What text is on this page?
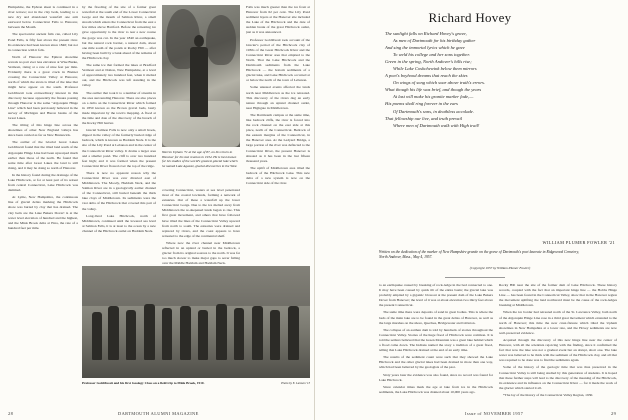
Hampshire, the Ephron sheet is continued in a river terrace; not in the clay beds, leading to a new dry and abandoned waterfall one arm eastward below Connecticut Falls to Hanover, between the Mouth.

The spectacular ancient falls can, called Lily Pond Falls, is fifty feet above the present river. Its existence had been known since 1840; but not in connection with it folk.

North of Hanover the Ephron shoreline reveals no part ever less elevation at Wise Burke, Vermont, rising at a rate of nine feet per mile. Evidently there is a great crack in Bretner crossing the Connecticut Valley at Hanover, north of which the strata is tilted of the lake that might have appear on the south. Professor Goldthwait took extraordinary interest in this discovery because apparently the fissure passing through Hanover is the same "Algonquin Hinge Line" which had been previously believed in the survey of Michigan and Huron basins of the Great Lakes.

The tilting of this hinge line across the shorelines of other New England valleys has since been carried as far as New Brunswick.

The outlier of the Glacial Great Lakes Goldthwait found that the tilted land south of the Algonquin Hinge Line had been upwarped much earlier than those of the north. He found that some time after Great Lakes the land is still rising, and it may be doing so north of Hanover.

In the history found during the drainage of the Lake Hitchcock, or for at least part of its retreat from central Connecticut, Lake Hitchcock was dammed.

At Lyme, New Hampshire, the continuous line of glacial deltas marking the Hitchcock shore was buried by clay that has drained. The clay beds are the Lake Bakers Dover! is at the water level elevation of hundred and the highest, and the Mink Brook delta at Etna, the rate of a hundred feet per mile.

by the flooding of the site of a former great waterfall at the south end of the Lower Connecticut Gorge and the mouth of Salmon River, a small stream which enters the Connecticut from the east a few miles above Hartford. Before the retreating ice gave opportunity to the river to tear a new course the gorge was cut. In the year 1840 an earthquake, but the natural rock barrier, a natural dam, about one mile south of the ponds at Rocky Hill — after having been built by a bank ahead of the remains of the Hitchcock clay.

The same ice that formed the lakes at Bradford Vermont and at Dalton, New Hampshire, at a level of approximately two hundred feet, when it melted out, and the Hitchcock was left standing in the valley.

The outlier that took it to a number of streams in the area surrounding Hanover. There are also places on a delta on the Connecticut River which formed in 1850 known as the Brown gravel beds, lately made important by the town's mapping. A flood at the time and date of the discovery of the breach of the Rocky Hill barrier.

Glacial Salmon Falls is now only a small brook, dipped in the valley of the formerly buried ridge of bedrock, which is known as Haddam Neck. It is the site of the Lily Pond at Lebanon and in the center of the Connecticut River valley. It drains a larger area and a smaller pond. The cliff is over two hundred feet high; and it was formed when the present Connecticut River flowed over the top of the ridge.

There is now no apparent reason why the Connecticut River was ever diverted east of Middletown. The Moody, Haddam Neck, and the Salmon River are in a geologically earlier channel of the Connecticut, still buried beneath the thick lake clays of Middletown. Its sediments were the vast delta of the Hitchcock that covered this part of the valley.

Long-lived Lake Hitchcock, north of Middletown, continued until the lowered sea level at Salmon Falls, it is at least to the ocean by a new channel of the Hitchcock outlet on Haddam Neck.

Warren Upham '71 at the age of 87, on his return to Hanover for his last reunion in 1934. He is best known for his studies of the world's greatest glacial lake which he named Lake Agassiz, glacial discoveries in the West.

covering Connecticut, waters at sea level penetrated most of the coastal lowlands, forming a network of estuaries. Out of these a waterfall up the lower Connecticut Gorge. Due to the ice melted away from Middletown the re-deepened lands began to rise. This first great movement, and others that have followed have tilted the lines of the Connecticut Valley upward from north to south. The estuaries were drained and replaced by rivers, and the coast appears to have retreated to the edge of the continental shelf.

Where now the river channel near Middletown reflected in an upland or buried in the bedrock, a glacier from its original sources to the north. It was far too much slower to make major gaps to sever falling over the Middle Haddam and Haddam Neck.

Falls was much greater than the ice front at Hanover from 62 per cent. The Lily Pond sediment layers at the Hanover site included the Lake of the Hitchcock and the date of sudden break of the great Hitchcock outlet, just as it was announced.

Professor Goldthwait took account of the Glacier's period of the Hitchcock clay of 1930s of the Great Hitchcock River and the Connecticut River area that emptied to the North. That the Lake Hitchcock and the Dartmouth sediments from the Lake Hitchcock — the bottom sediments of a glacial lake, and Lake Hitchcock occurred at or below the north of the town of Lebanon.

Some unusual events affected the lands north near Middletown as the ice retreated. This discovery of the rivers dug an early nature through an upland channel outlet, near Highgate in Middletown.

The Dartmouth campus at the same time, like bedrock cliffs, the river is forced into the rock channel on the east side at this place, north of the Connecticut. Bedrock of the eastern margins of the Connecticut, in the Hanover area. At the Ledyard Bridge, a large portion of the river was deflected to the Connecticut River, the present Hanover is situated as it has been in the last fifteen thousand years.

The uplift of Middletown area tilted the bedrock of the Hitchcock Lake. This new delta of a new system is now on the Connecticut side of the river.

Professor Goldthwait and his first Geology Class on a field trip to Mink Brook, 1910.	Photo by E. Lamson '13
28	DARTMOUTH ALUMNI MAGAZINE
Richard Hovey
The sunlight falls on Richard Hovey's grave,
As men of Dartmouth for his birthday gather
And sing the immortal lyrics which he gave
To weld his college and her sons together.
Green in the spring, North Andover's hills rise;
While Lake Coshchewink below them mirrors
A poet's boyhood dreams that reach the skies
On wings of song which soar above truth's errors.
What though his life was brief, and though the years
At last will make his granite marker fade,—
His poems shall ring forever in the ears
Of Dartmouth's sons, in deathless accolade.
That fellowship our live, and truth prevail
Where men of Dartmouth walk with High trail!
WILLIAM PLUMER FOWLER '21
Written on the dedication of the marker of New Hampshire granite on the grave of Dartmouth's poet laureate in Ridgewood Cemetery, North Andover, Mass., May 4, 1957.
(Copyright 1957 by William Plumer Fowler)

to an earthquake caused by breaking of rock-ledge in the bed connected to one. It may have been caused by quick tilt of the entire basin; the glacial lake was probably emptied by a gigantic blowout at the present dam of the Lake Bakers Dover from Hanover; the level of it was at about elevation two thirty feet above the present Connecticut.

The same time there were deposits of sand in great bodies. This is where the beds of the main lake are to be found in the great deltas of Hanover, as well as the large marshes on the shore, Quechee, Bridgewater and Littleton.

The collapse of an earthen dam is told by hundreds of stories throughout the Connecticut Valley. Stories of the huge flood of Hitchcock were common. It is told the settlers believed that the Green Mountain was a great lake behind which a flood came down. The Indians named the story a tradition of a great flood, telling that Lake Hitchcock drained at the end of an early time.

The results of the sediment count were such that they showed the Lake Hitchcock and the other glacial lakes had been drained in more than one way, which had been believed by the geologists of the past.

Sixty years later the evidence was also found, since no record was found for Lake Hitchcock.

Since calendar times mark the age at lake from ice in the Hitchcock sediments, the Lake Hitchcock was drained about 10,000 years ago.

Rocky Hill near the site of the former dam of Lake Hitchcock. These history records, coupled with the fact that an important hinge line — the Hobbs Hinge Line — has been found in the Connecticut Valley, show that in the Hanover region the movement uplifting the land northward must be the cause of the rock-ledges breaking at Middletown.

When the ice border had retreated north of the St. Lawrence Valley, both north of the Algonquin Hinge Line rose in a third great movement which extended to the north of Hanover; this time the new crust-flexure which tilted the Upham shorelines in New Hampshire at a lower rate, and the Hovey sediments are now well-preserved evidence.

Acquired through the discovery of this new hinge line near the center of Hanover, with all the scientists rejoicing with the finding, since it confirmed the fact that now the lake was not a gradual event but an abrupt, short one. The lake water was believed to be thick with the sediment of the Hitchcock clay, and all that was required to be done was to find the sediments again.

Some of the history of the geologic time that was thus preserved in the Connecticut Valley is still being studied by this generation of students. It is hoped that these further steps will lead to the discovery of the meaning of the Hitchcock, its existence and its influence on the Connecticut River — for it made the work of the glacier which started it all.

*The lay of the history of the Connecticut Valley Region, 1930.

Issue of NOVEMBER 1957	29
